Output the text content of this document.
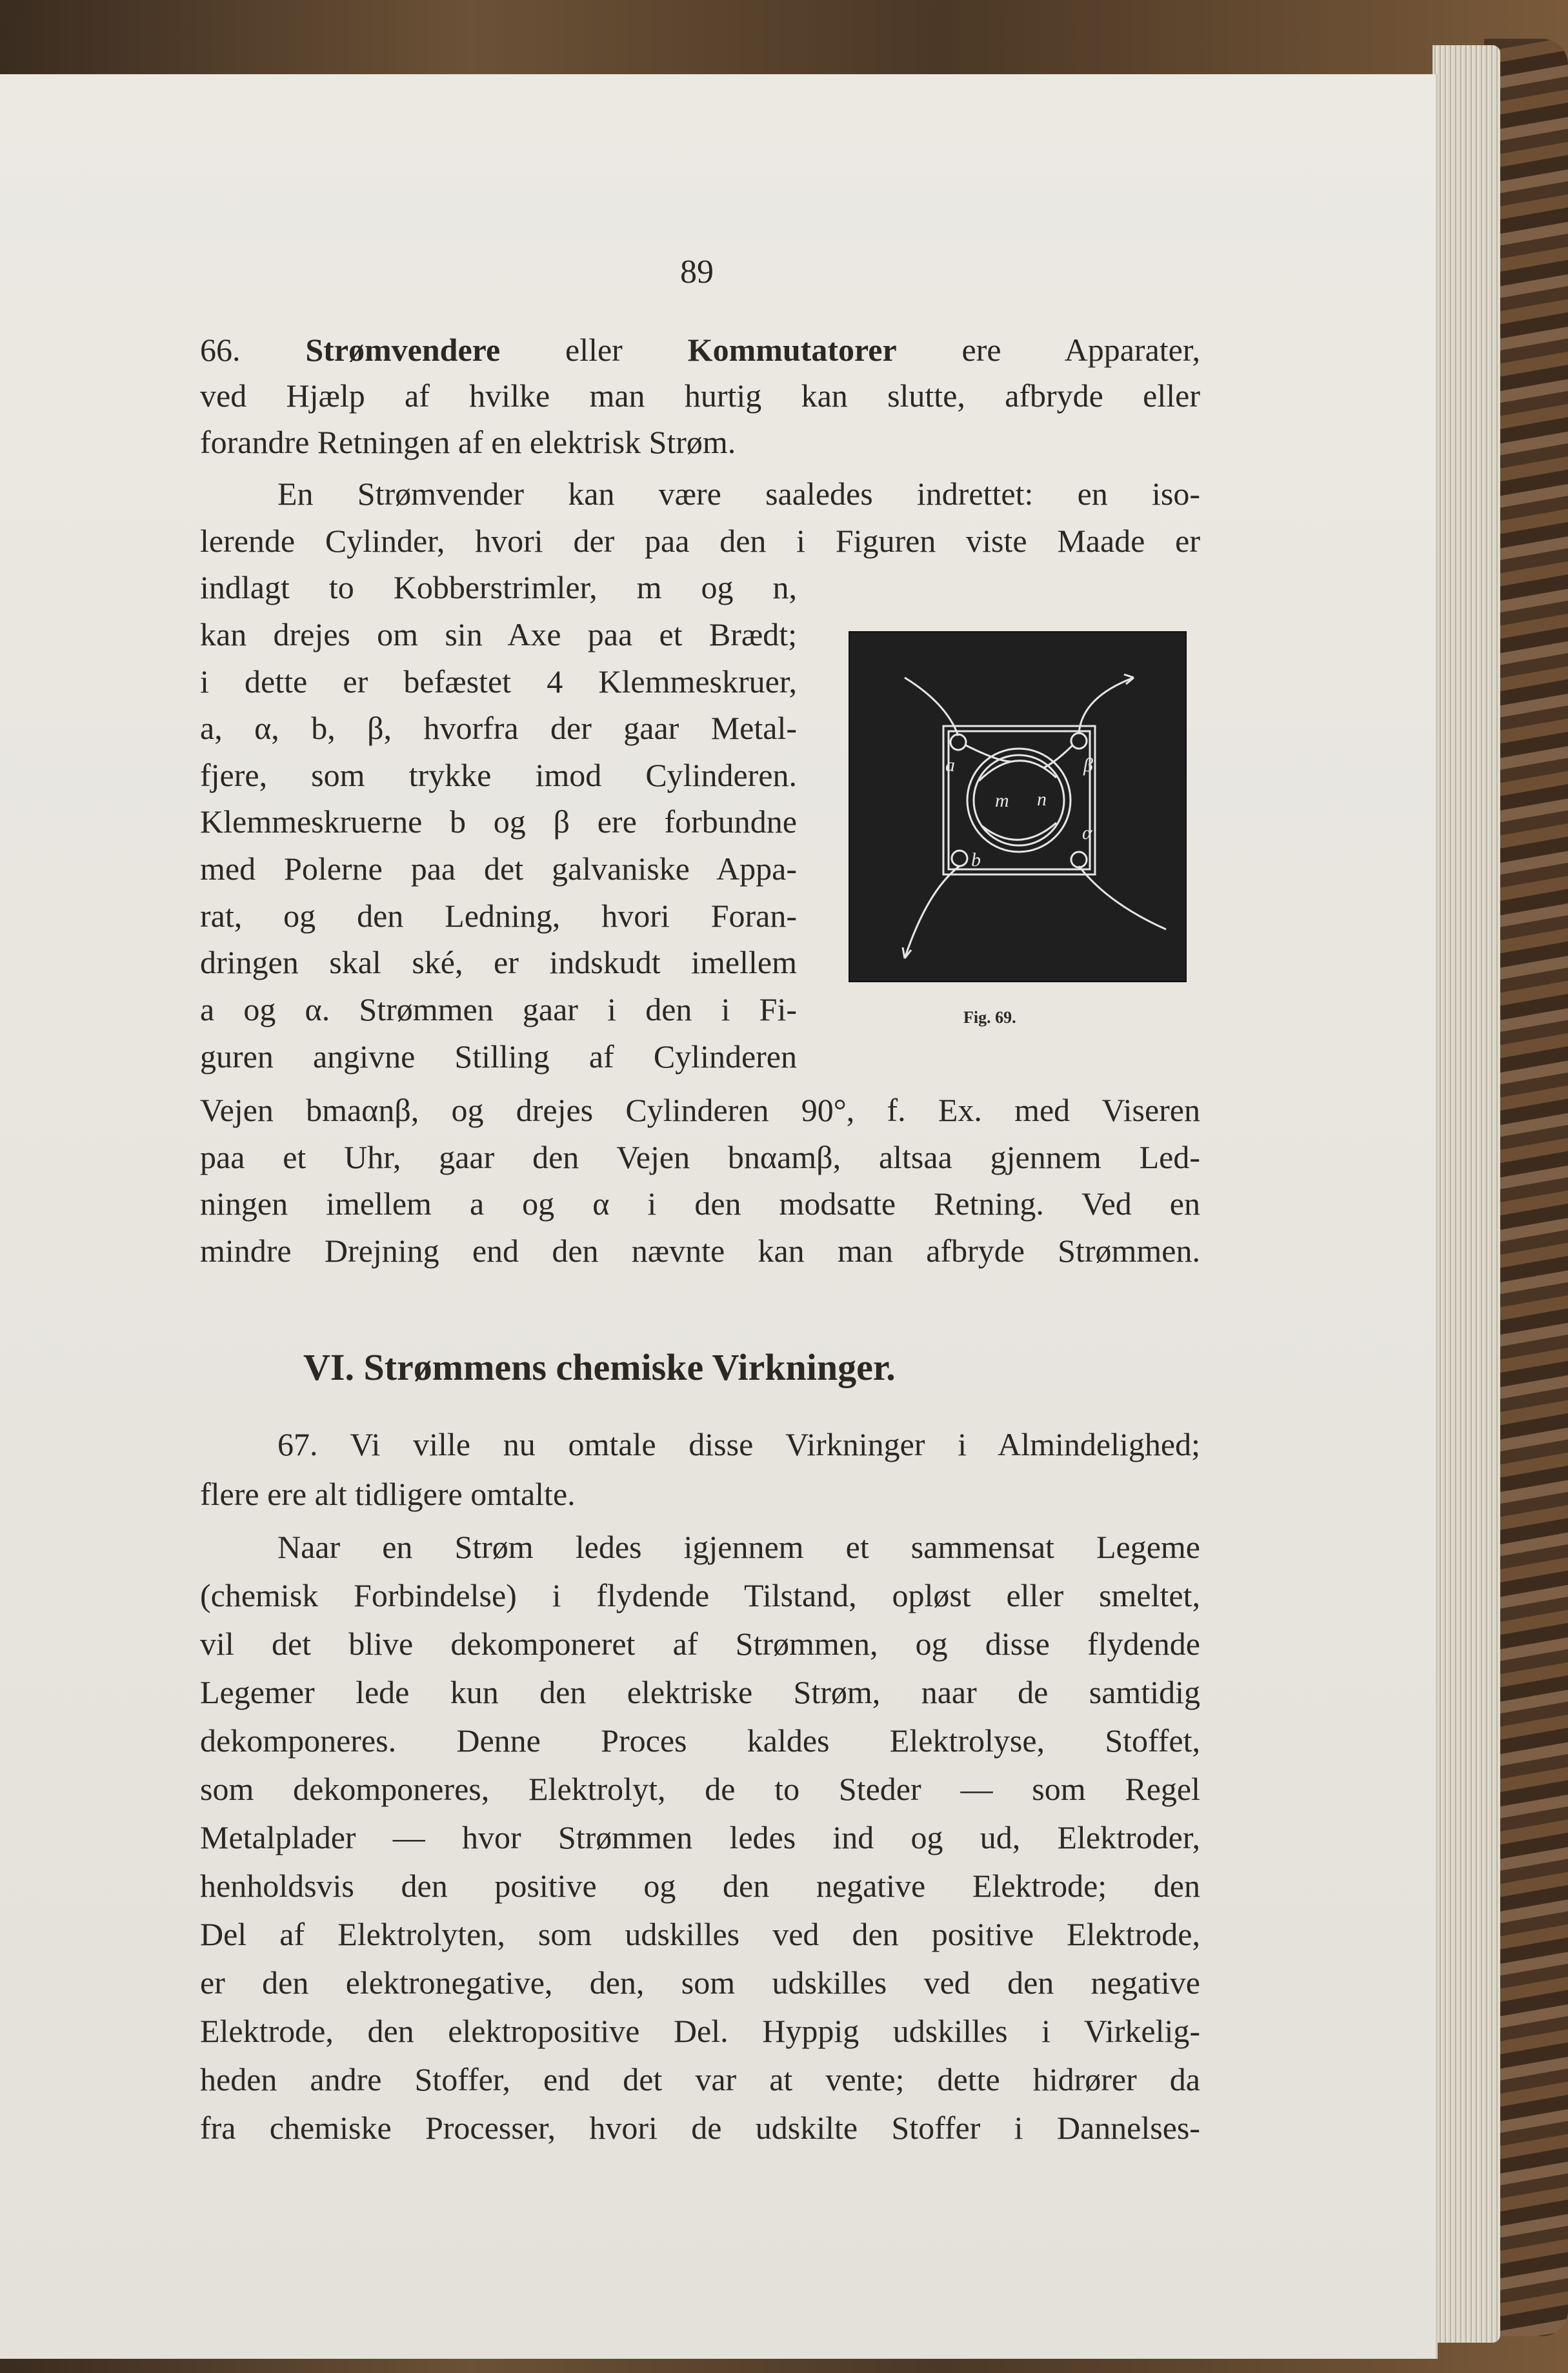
89
66. Strømvendere eller Kommutatorer ere Apparater,
ved Hjælp af hvilke man hurtig kan slutte, afbryde eller
forandre Retningen af en elektrisk Strøm.
En Strømvender kan være saaledes indrettet: en iso-
lerende Cylinder, hvori der paa den i Figuren viste Maade er
indlagt to Kobberstrimler, m og n,
kan drejes om sin Axe paa et Brædt;
i dette er befæstet 4 Klemmeskruer,
a, α, b, β, hvorfra der gaar Metal-
fjere, som trykke imod Cylinderen.
Klemmeskruerne b og β ere forbundne
med Polerne paa det galvaniske Appa-
rat, og den Ledning, hvori Foran-
dringen skal ské, er indskudt imellem
a og α. Strømmen gaar i den i Fi-
guren angivne Stilling af Cylinderen
Vejen bmaαnβ, og drejes Cylinderen 90°, f. Ex. med Viseren
paa et Uhr, gaar den Vejen bnαamβ, altsaa gjennem Led-
ningen imellem a og α i den modsatte Retning. Ved en
mindre Drejning end den nævnte kan man afbryde Strømmen.
a	β
m n
α
b
Fig. 69.
VI. Strømmens chemiske Virkninger.
67. Vi ville nu omtale disse Virkninger i Almindelighed;
flere ere alt tidligere omtalte.
Naar en Strøm ledes igjennem et sammensat Legeme
(chemisk Forbindelse) i flydende Tilstand, opløst eller smeltet,
vil det blive dekomponeret af Strømmen, og disse flydende
Legemer lede kun den elektriske Strøm, naar de samtidig
dekomponeres. Denne Proces kaldes Elektrolyse, Stoffet,
som dekomponeres, Elektrolyt, de to Steder — som Regel
Metalplader — hvor Strømmen ledes ind og ud, Elektroder,
henholdsvis den positive og den negative Elektrode; den
Del af Elektrolyten, som udskilles ved den positive Elektrode,
er den elektronegative, den, som udskilles ved den negative
Elektrode, den elektropositive Del. Hyppig udskilles i Virkelig-
heden andre Stoffer, end det var at vente; dette hidrører da
fra chemiske Processer, hvori de udskilte Stoffer i Dannelses-
